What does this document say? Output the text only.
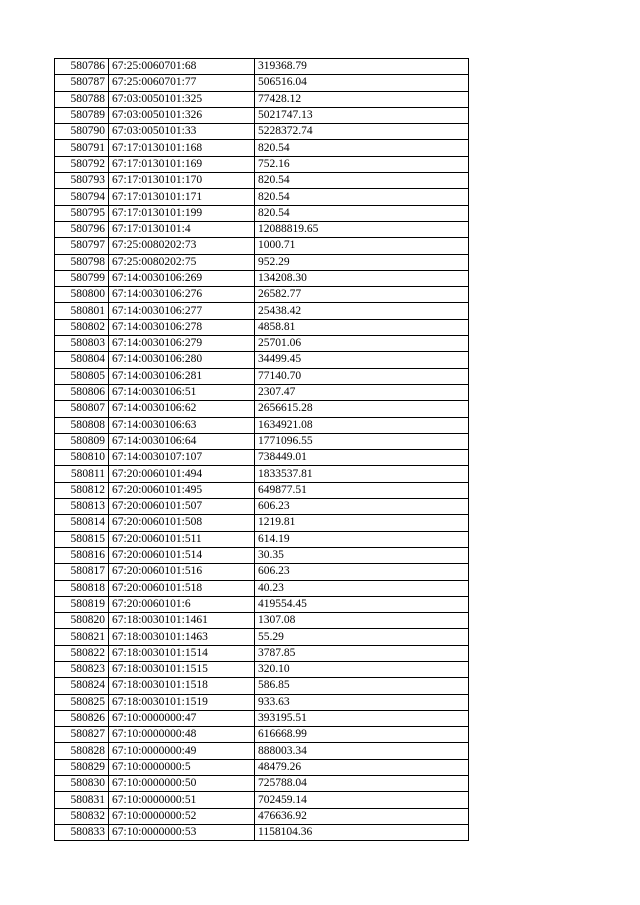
580786	67:25:0060701:68	319368.79
580787	67:25:0060701:77	506516.04
580788	67:03:0050101:325	77428.12
580789	67:03:0050101:326	5021747.13
580790	67:03:0050101:33	5228372.74
580791	67:17:0130101:168	820.54
580792	67:17:0130101:169	752.16
580793	67:17:0130101:170	820.54
580794	67:17:0130101:171	820.54
580795	67:17:0130101:199	820.54
580796	67:17:0130101:4	12088819.65
580797	67:25:0080202:73	1000.71
580798	67:25:0080202:75	952.29
580799	67:14:0030106:269	134208.30
580800	67:14:0030106:276	26582.77
580801	67:14:0030106:277	25438.42
580802	67:14:0030106:278	4858.81
580803	67:14:0030106:279	25701.06
580804	67:14:0030106:280	34499.45
580805	67:14:0030106:281	77140.70
580806	67:14:0030106:51	2307.47
580807	67:14:0030106:62	2656615.28
580808	67:14:0030106:63	1634921.08
580809	67:14:0030106:64	1771096.55
580810	67:14:0030107:107	738449.01
580811	67:20:0060101:494	1833537.81
580812	67:20:0060101:495	649877.51
580813	67:20:0060101:507	606.23
580814	67:20:0060101:508	1219.81
580815	67:20:0060101:511	614.19
580816	67:20:0060101:514	30.35
580817	67:20:0060101:516	606.23
580818	67:20:0060101:518	40.23
580819	67:20:0060101:6	419554.45
580820	67:18:0030101:1461	1307.08
580821	67:18:0030101:1463	55.29
580822	67:18:0030101:1514	3787.85
580823	67:18:0030101:1515	320.10
580824	67:18:0030101:1518	586.85
580825	67:18:0030101:1519	933.63
580826	67:10:0000000:47	393195.51
580827	67:10:0000000:48	616668.99
580828	67:10:0000000:49	888003.34
580829	67:10:0000000:5	48479.26
580830	67:10:0000000:50	725788.04
580831	67:10:0000000:51	702459.14
580832	67:10:0000000:52	476636.92
580833	67:10:0000000:53	1158104.36
